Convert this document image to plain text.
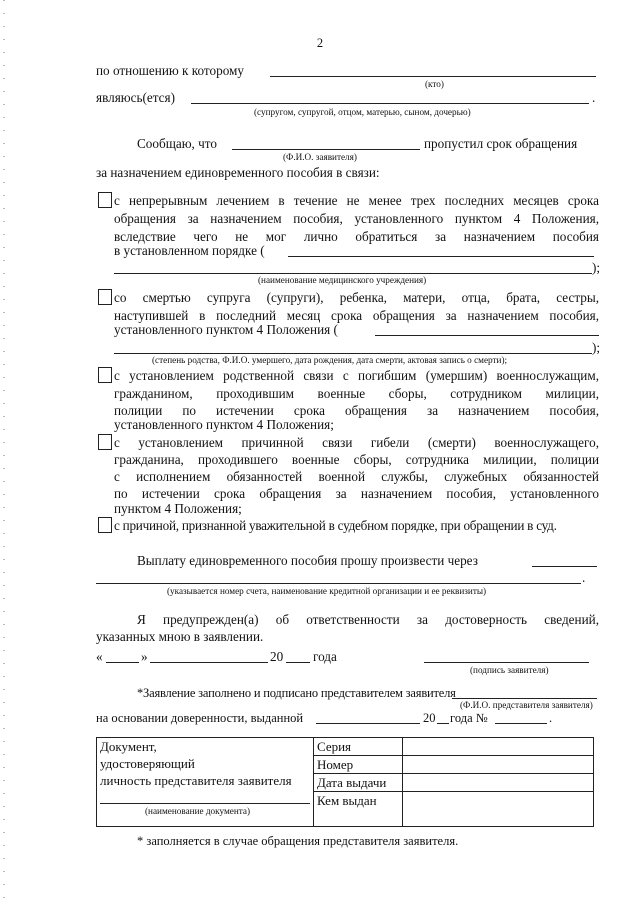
2
по отношению к которому
(кто)
являюсь(ется)	.
(супругом, супругой, отцом, матерью, сыном, дочерью)
Сообщаю, что	пропустил срок обращения
(Ф.И.О. заявителя)
за назначением единовременного пособия в связи:
с непрерывным лечением в течение не менее трех последних месяцев срока
обращения за назначением пособия, установленного пунктом 4 Положения,
вследствие чего не мог лично обратиться за назначением пособия
в установленном порядке (
);
(наименование медицинского учреждения)
со смертью супруга (супруги), ребенка, матери, отца, брата, сестры,
наступившей в последний месяц срока обращения за назначением пособия,
установленного пунктом 4 Положения (
);
(степень родства, Ф.И.О. умершего, дата рождения, дата смерти, актовая запись о смерти);
с установлением родственной связи с погибшим (умершим) военнослужащим,
гражданином, проходившим военные сборы, сотрудником милиции,
полиции по истечении срока обращения за назначением пособия,
установленного пунктом 4 Положения;
с установлением причинной связи гибели (смерти) военнослужащего,
гражданина, проходившего военные сборы, сотрудника милиции, полиции
с исполнением обязанностей военной службы, служебных обязанностей
по истечении срока обращения за назначением пособия, установленного
пунктом 4 Положения;
с причиной, признанной уважительной в судебном порядке, при обращении в суд.
Выплату единовременного пособия прошу произвести через
.
(указывается номер счета, наименование кредитной организации и ее реквизиты)
Я предупрежден(а) об ответственности за достоверность сведений,
указанных мною в заявлении.
«	»	20 года
(подпись заявителя)
*Заявление заполнено и подписано представителем заявителя
(Ф.И.О. представителя заявителя)
на основании доверенности, выданной	20 года №	.
Документ,
удостоверяющий
личность представителя заявителя
(наименование документа)	Серия	
	Номер	
	Дата выдачи	
	Кем выдан	
* заполняется в случае обращения представителя заявителя.
